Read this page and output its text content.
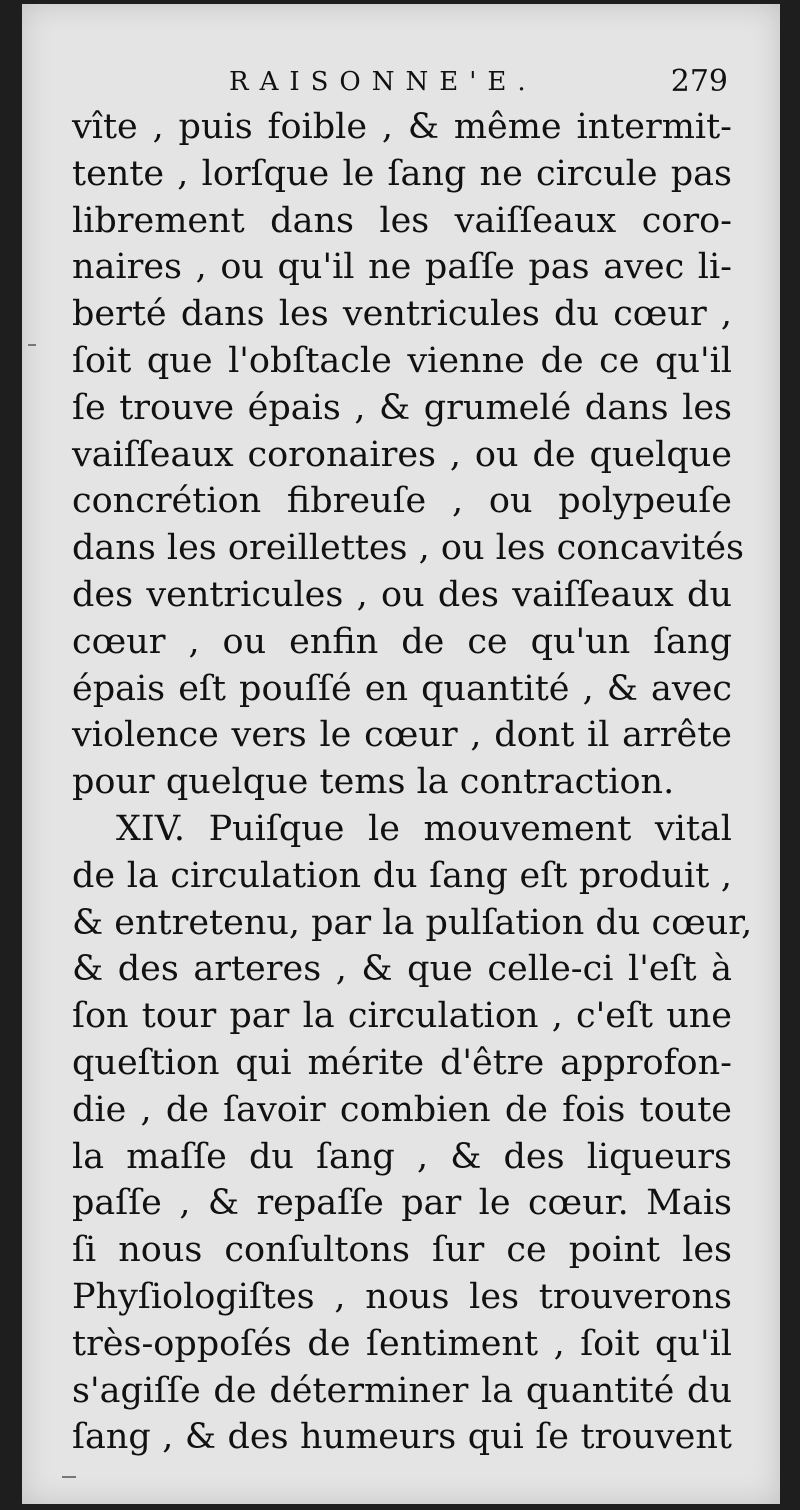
RAISONNE'E.	279
vîte , puis foible , & même intermit-
tente , lorſque le ſang ne circule pas
librement dans les vaiſſeaux coro-
naires , ou qu'il ne paſſe pas avec li-
berté dans les ventricules du cœur ,
ſoit que l'obſtacle vienne de ce qu'il
ſe trouve épais , & grumelé dans les
vaiſſeaux coronaires , ou de quelque
concrétion fibreuſe , ou polypeuſe
dans les oreillettes , ou les concavités
des ventricules , ou des vaiſſeaux du
cœur , ou enfin de ce qu'un ſang
épais eſt pouſſé en quantité , & avec
violence vers le cœur , dont il arrête
pour quelque tems la contraction.
XIV. Puiſque le mouvement vital
de la circulation du ſang eſt produit ,
& entretenu, par la pulſation du cœur,
& des arteres , & que celle-ci l'eſt à
ſon tour par la circulation , c'eſt une
queſtion qui mérite d'être approfon-
die , de ſavoir combien de fois toute
la maſſe du ſang , & des liqueurs
paſſe , & repaſſe par le cœur. Mais
ſi nous conſultons ſur ce point les
Phyſiologiſtes , nous les trouverons
très-oppoſés de ſentiment , ſoit qu'il
s'agiſſe de déterminer la quantité du
ſang , & des humeurs qui ſe trouvent
